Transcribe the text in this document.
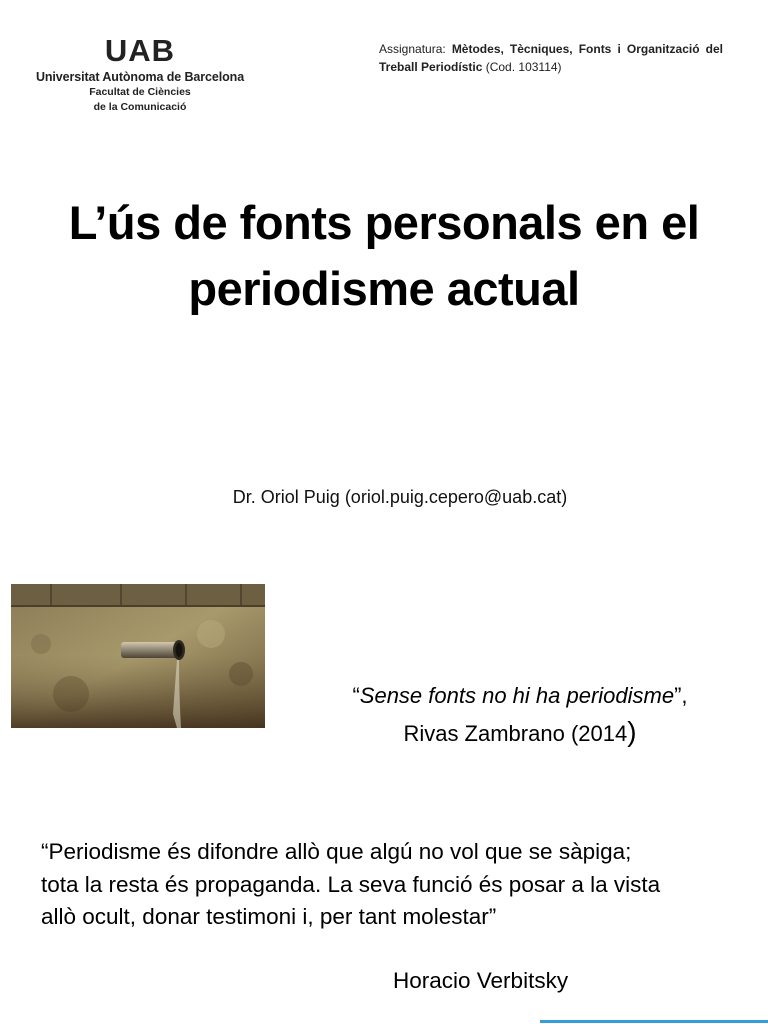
UAB
Universitat Autònoma de Barcelona
Facultat de Ciències
de la Comunicació
Assignatura: Mètodes, Tècniques, Fonts i Organització del Treball Periodístic (Cod. 103114)
L’ús de fonts personals en el
periodisme actual
Dr. Oriol Puig (oriol.puig.cepero@uab.cat)
“Sense fonts no hi ha periodisme”,
Rivas Zambrano (2014)
“Periodisme és difondre allò que algú no vol que se sàpiga; tota la resta és propaganda. La seva funció és posar a la vista allò ocult, donar testimoni i, per tant molestar”
Horacio Verbitsky
